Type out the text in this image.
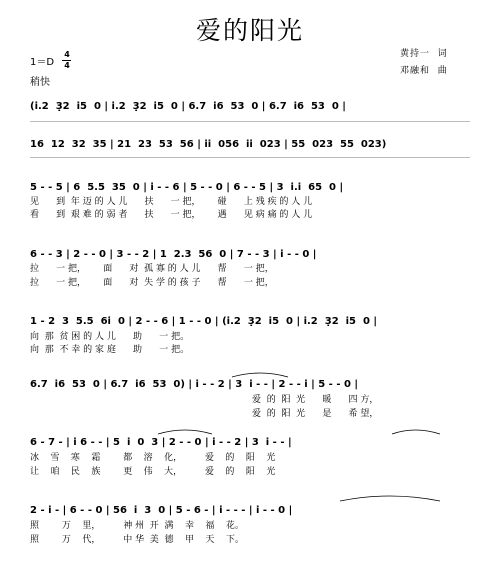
爱的阳光
1＝D
4
4
稍快
黄持一  词
邓融和  曲
(i.2  3̣2  i5  0 | i.2  3̣2  i5  0 | 6.7  i6  53  0 | 6.7  i6  53  0 |
16  12  32  35 | 21  23  53  56 | ii  056  ii  023 | 55  023  55  023)
5 - - 5 | 6  5.5  35  0 | i - - 6 | 5 - - 0 | 6 - - 5 | 3  i.i  65  0 |
见      到  年 迈 的 人 儿      扶      一 把，      碰      上 残 疾 的 人 儿
看      到  艰 难 的 弱 者      扶      一 把，      遇      见 病 痛 的 人 儿
6 - - 3 | 2 - - 0 | 3 - - 2 | 1  2.3  56  0 | 7 - - 3 | i - - 0 |
拉      一 把，      面      对  孤 寡 的 人 儿      帮      一 把，
拉      一 把，      面      对  失 学 的 孩 子      帮      一 把，
1 - 2  3  5.5  6i  0 | 2 - - 6 | 1 - - 0 | (i.2  3̣2  i5  0 | i.2  3̣2  i5  0 |
向  那  贫 困 的 人 儿      助      一 把。
向  那  不 幸 的 家 庭      助      一 把。
6.7  i6  53  0 | 6.7  i6  53  0) | i - - 2 | 3  i - - | 2 - - i | 5 - - 0 |
爱  的  阳  光      暖      四 方，
爱  的  阳  光      是      希 望，
6 - 7 - | i 6 - - | 5  i  0  3 | 2 - - 0 | i - - 2 | 3  i - - |
冰    雪    寒    霜        都    溶    化，        爱    的    阳    光
让    咱    民    族        更    伟    大，        爱    的    阳    光
2 - i - | 6 - - 0 | 56  i  3  0 | 5 - 6 - | i - - - | i - - 0 |
照        万    里，        神 州  开  满    幸    福    花。
照        万    代，        中 华  美  德    甲    天    下。
